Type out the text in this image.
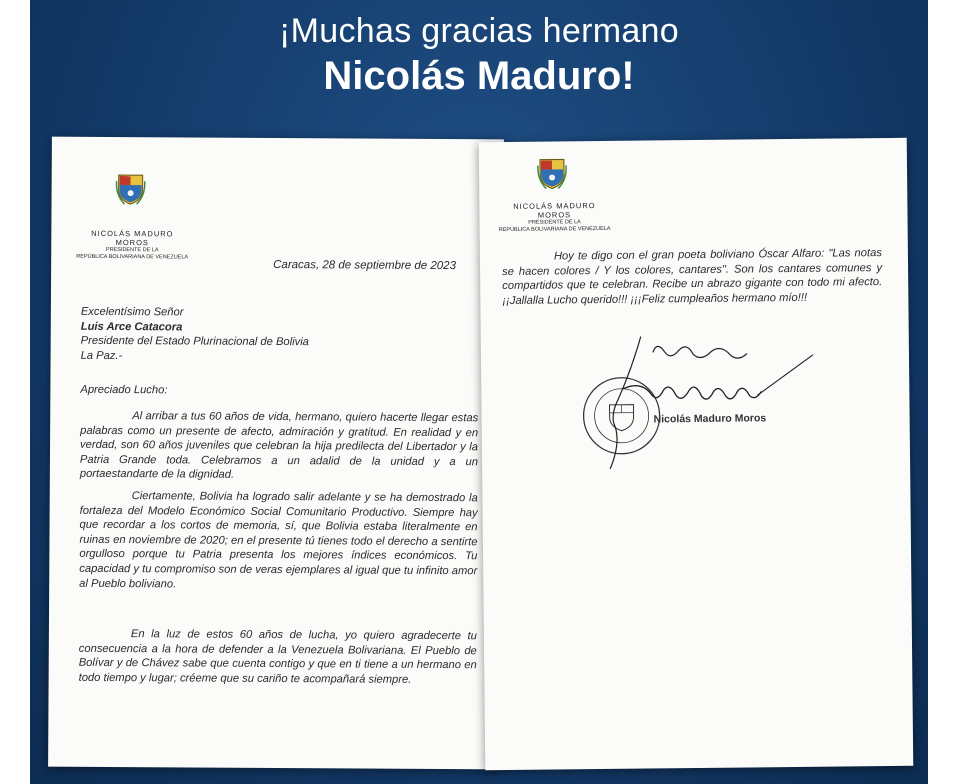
¡Muchas gracias hermano
Nicolás Maduro!
NICOLÁS MADURO MOROS
PRESIDENTE DE LA
REPÚBLICA BOLIVARIANA DE VENEZUELA
Caracas, 28 de septiembre de 2023
Excelentísimo Señor
Luis Arce Catacora
Presidente del Estado Plurinacional de Bolivia
La Paz.-
Apreciado Lucho:
Al arribar a tus 60 años de vida, hermano, quiero hacerte llegar estas palabras como un presente de afecto, admiración y gratitud. En realidad y en verdad, son 60 años juveniles que celebran la hija predilecta del Libertador y la Patria Grande toda. Celebramos a un adalid de la unidad y a un portaestandarte de la dignidad.
Ciertamente, Bolivia ha logrado salir adelante y se ha demostrado la fortaleza del Modelo Económico Social Comunitario Productivo. Siempre hay que recordar a los cortos de memoria, sí, que Bolivia estaba literalmente en ruinas en noviembre de 2020; en el presente tú tienes todo el derecho a sentirte orgulloso porque tu Patria presenta los mejores índices económicos. Tu capacidad y tu compromiso son de veras ejemplares al igual que tu infinito amor al Pueblo boliviano.
En la luz de estos 60 años de lucha, yo quiero agradecerte tu consecuencia a la hora de defender a la Venezuela Bolivariana. El Pueblo de Bolívar y de Chávez sabe que cuenta contigo y que en ti tiene a un hermano en todo tiempo y lugar; créeme que su cariño te acompañará siempre.
NICOLÁS MADURO MOROS
PRESIDENTE DE LA
REPÚBLICA BOLIVARIANA DE VENEZUELA
Hoy te digo con el gran poeta boliviano Óscar Alfaro: "Las notas se hacen colores / Y los colores, cantares". Son los cantares comunes y compartidos que te celebran. Recibe un abrazo gigante con todo mi afecto. ¡¡Jallalla Lucho querido!!! ¡¡¡Feliz cumpleaños hermano mío!!!
Nicolás Maduro Moros
